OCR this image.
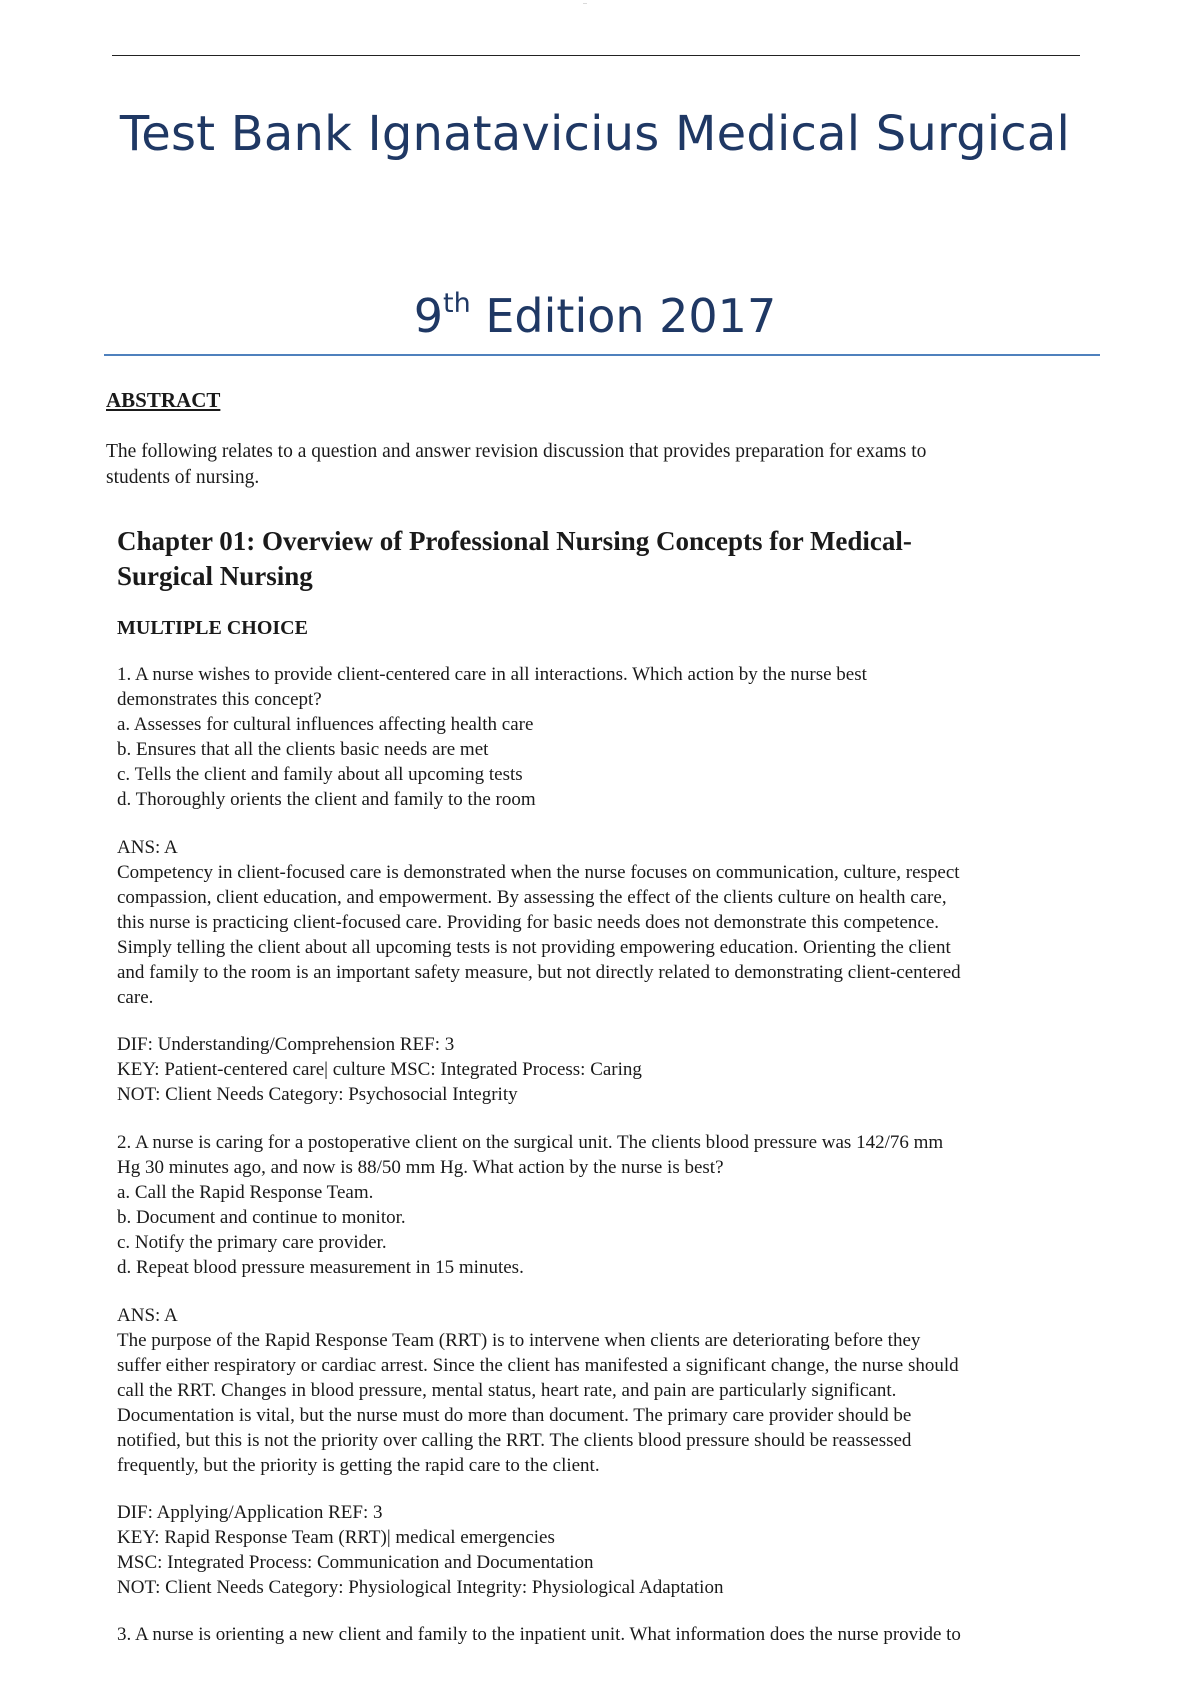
—
Test Bank Ignatavicius Medical Surgical
9th Edition 2017
ABSTRACT
The following relates to a question and answer revision discussion that provides preparation for exams to
students of nursing.
Chapter 01: Overview of Professional Nursing Concepts for Medical-
Surgical Nursing
MULTIPLE CHOICE
1. A nurse wishes to provide client-centered care in all interactions. Which action by the nurse best
demonstrates this concept?
a. Assesses for cultural influences affecting health care
b. Ensures that all the clients basic needs are met
c. Tells the client and family about all upcoming tests
d. Thoroughly orients the client and family to the room
ANS: A
Competency in client-focused care is demonstrated when the nurse focuses on communication, culture, respect
compassion, client education, and empowerment. By assessing the effect of the clients culture on health care,
this nurse is practicing client-focused care. Providing for basic needs does not demonstrate this competence.
Simply telling the client about all upcoming tests is not providing empowering education. Orienting the client
and family to the room is an important safety measure, but not directly related to demonstrating client-centered
care.
DIF: Understanding/Comprehension REF: 3
KEY: Patient-centered care| culture MSC: Integrated Process: Caring
NOT: Client Needs Category: Psychosocial Integrity
2. A nurse is caring for a postoperative client on the surgical unit. The clients blood pressure was 142/76 mm
Hg 30 minutes ago, and now is 88/50 mm Hg. What action by the nurse is best?
a. Call the Rapid Response Team.
b. Document and continue to monitor.
c. Notify the primary care provider.
d. Repeat blood pressure measurement in 15 minutes.
ANS: A
The purpose of the Rapid Response Team (RRT) is to intervene when clients are deteriorating before they
suffer either respiratory or cardiac arrest. Since the client has manifested a significant change, the nurse should
call the RRT. Changes in blood pressure, mental status, heart rate, and pain are particularly significant.
Documentation is vital, but the nurse must do more than document. The primary care provider should be
notified, but this is not the priority over calling the RRT. The clients blood pressure should be reassessed
frequently, but the priority is getting the rapid care to the client.
DIF: Applying/Application REF: 3
KEY: Rapid Response Team (RRT)| medical emergencies
MSC: Integrated Process: Communication and Documentation
NOT: Client Needs Category: Physiological Integrity: Physiological Adaptation
3. A nurse is orienting a new client and family to the inpatient unit. What information does the nurse provide to
